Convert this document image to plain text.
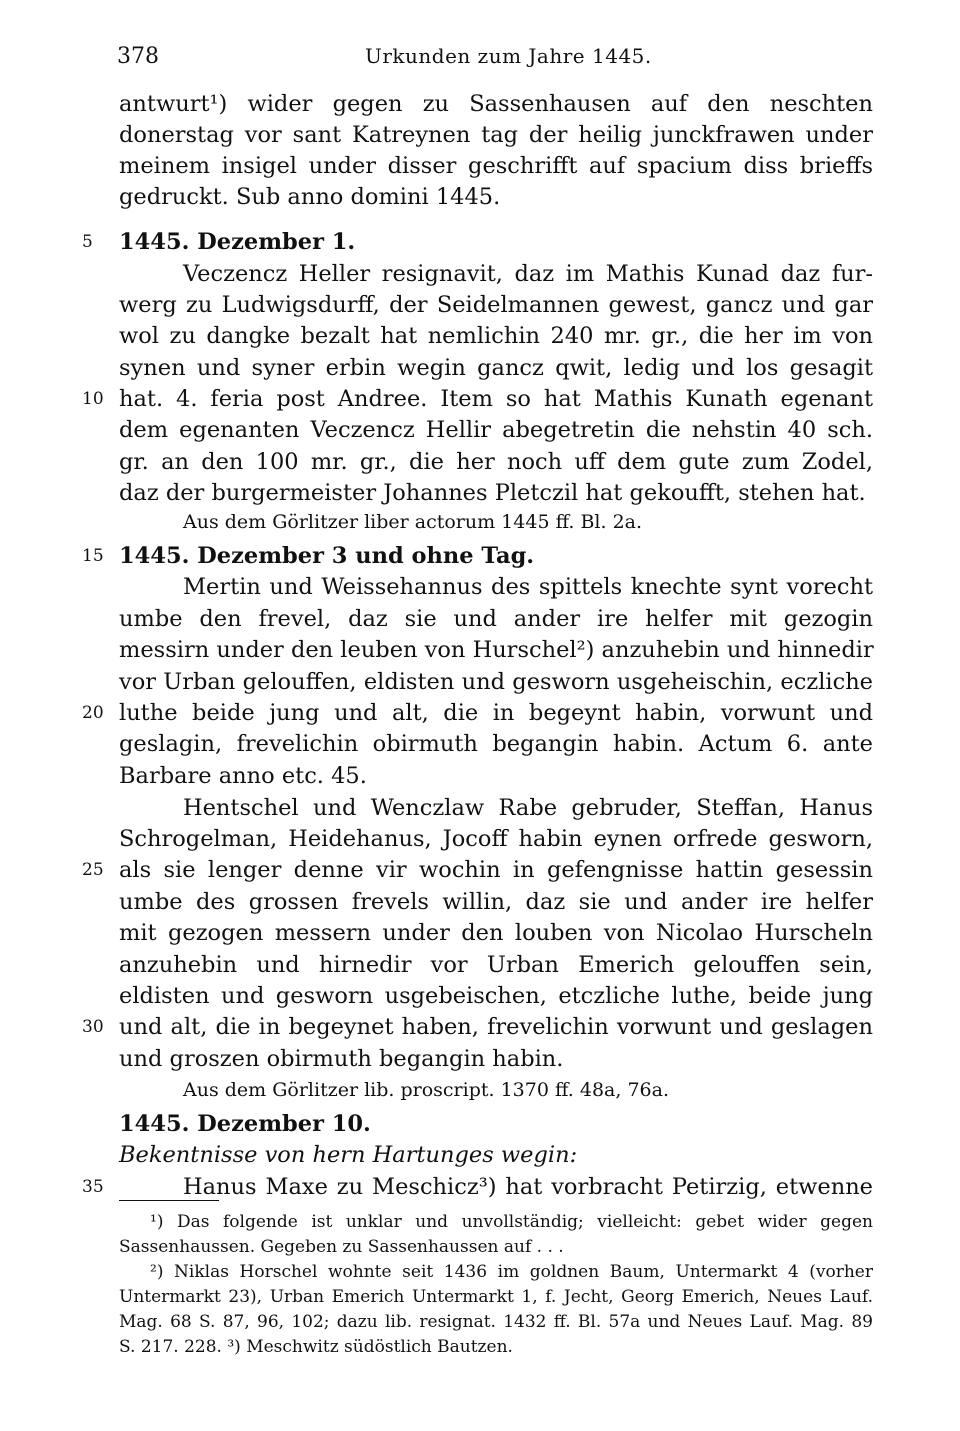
378	Urkunden zum Jahre 1445.
antwurt¹) wider gegen zu Sassenhausen auf den neschten
donerstag vor sant Katreynen tag der heilig junckfrawen under
meinem insigel under disser geschrifft auf spacium diss brieffs
gedruckt. Sub anno domini 1445.
1445. Dezember 1.
Veczencz Heller resignavit, daz im Mathis Kunad daz fur-
werg zu Ludwigsdurff, der Seidelmannen gewest, gancz und gar
wol zu dangke bezalt hat nemlichin 240 mr. gr., die her im von
synen und syner erbin wegin gancz qwit, ledig und los gesagit
hat. 4. feria post Andree. Item so hat Mathis Kunath egenant
dem egenanten Veczencz Hellir abegetretin die nehstin 40 sch.
gr. an den 100 mr. gr., die her noch uff dem gute zum Zodel,
daz der burgermeister Johannes Pletczil hat gekoufft, stehen hat.
Aus dem Görlitzer liber actorum 1445 ff. Bl. 2a.
1445. Dezember 3 und ohne Tag.
Mertin und Weissehannus des spittels knechte synt vorecht
umbe den frevel, daz sie und ander ire helfer mit gezogin
messirn under den leuben von Hurschel²) anzuhebin und hinnedir
vor Urban gelouffen, eldisten und gesworn usgeheischin, eczliche
luthe beide jung und alt, die in begeynt habin, vorwunt und
geslagin, frevelichin obirmuth begangin habin. Actum 6. ante
Barbare anno etc. 45.
Hentschel und Wenczlaw Rabe gebruder, Steffan, Hanus
Schrogelman, Heidehanus, Jocoff habin eynen orfrede gesworn,
als sie lenger denne vir wochin in gefengnisse hattin gesessin
umbe des grossen frevels willin, daz sie und ander ire helfer
mit gezogen messern under den louben von Nicolao Hurscheln
anzuhebin und hirnedir vor Urban Emerich gelouffen sein,
eldisten und gesworn usgebeischen, etczliche luthe, beide jung
und alt, die in begeynet haben, frevelichin vorwunt und geslagen
und groszen obirmuth begangin habin.
Aus dem Görlitzer lib. proscript. 1370 ff. 48a, 76a.
1445. Dezember 10.
Bekentnisse von hern Hartunges wegin:
Hanus Maxe zu Meschicz³) hat vorbracht Petirzig, etwenne
5
10
15
20
25
30
35
¹) Das folgende ist unklar und unvollständig; vielleicht: gebet wider gegen
Sassenhaussen. Gegeben zu Sassenhaussen auf . . .
²) Niklas Horschel wohnte seit 1436 im goldnen Baum, Untermarkt 4 (vorher
Untermarkt 23), Urban Emerich Untermarkt 1, f. Jecht, Georg Emerich, Neues Lauf.
Mag. 68 S. 87, 96, 102; dazu lib. resignat. 1432 ff. Bl. 57a und Neues Lauf. Mag. 89
S. 217. 228. ³) Meschwitz südöstlich Bautzen.
